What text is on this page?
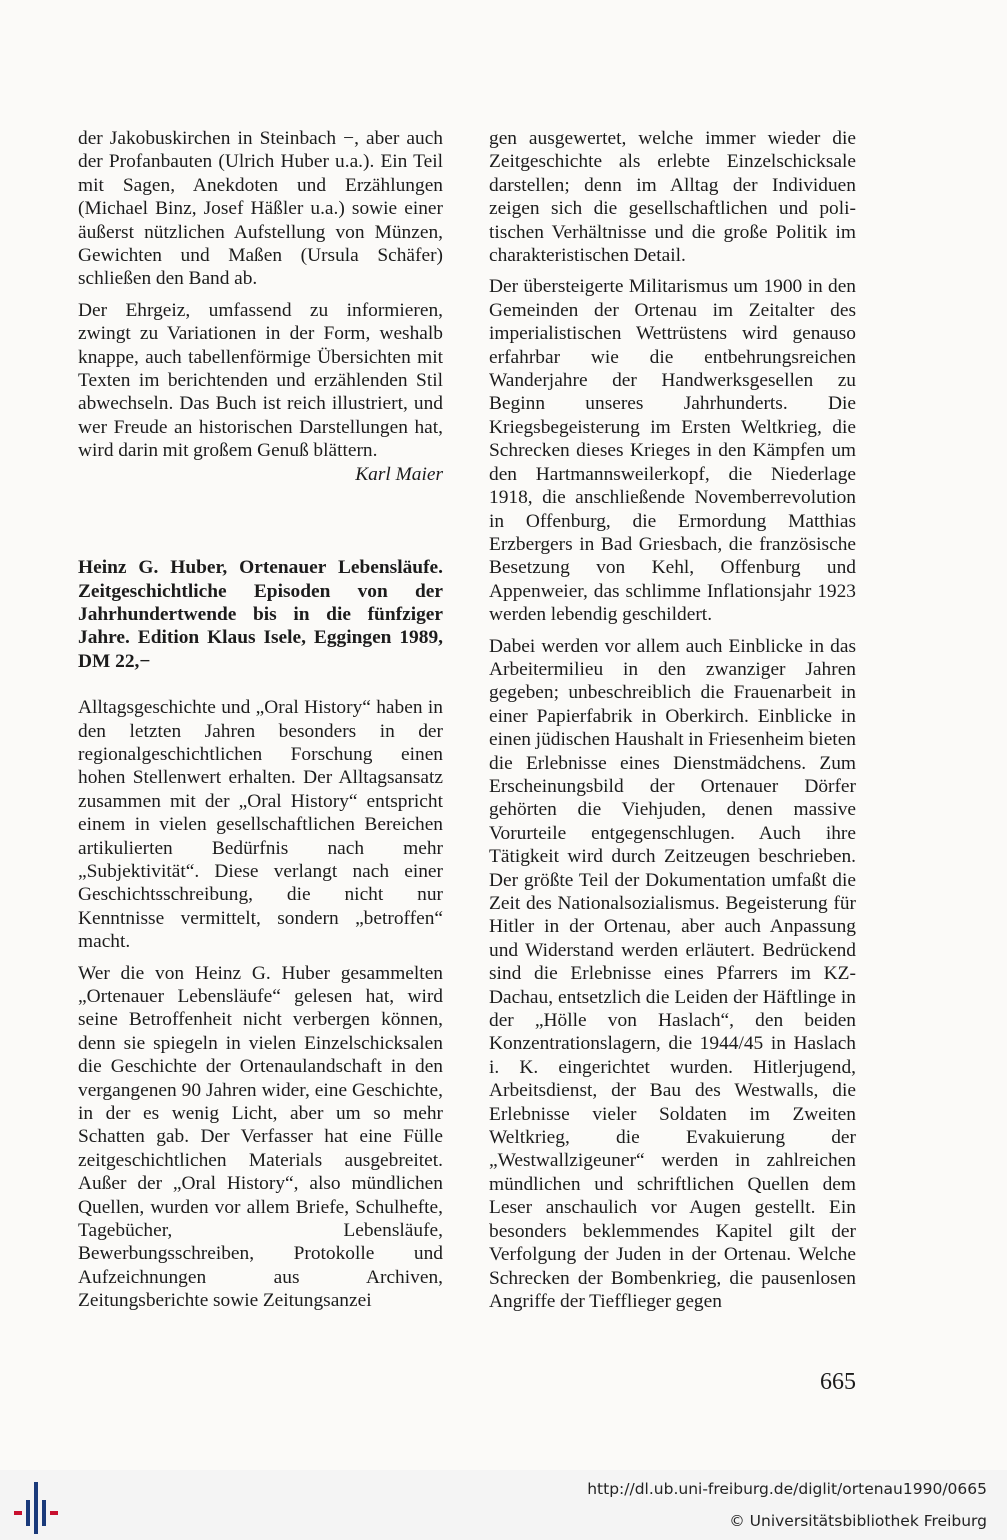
der Jakobuskirchen in Steinbach −, aber auch der Profanbauten (Ulrich Huber u.a.). Ein Teil mit Sagen, Anekdoten und Erzählungen (Michael Binz, Josef Häßler u.a.) sowie einer äußerst nützlichen Aufstellung von Münzen, Gewichten und Maßen (Ursula Schäfer) schließen den Band ab.

Der Ehrgeiz, umfassend zu informieren, zwingt zu Variationen in der Form, weshalb knappe, auch tabellenförmige Übersichten mit Texten im berichtenden und erzählenden Stil abwechseln. Das Buch ist reich illustriert, und wer Freude an historischen Darstellungen hat, wird darin mit großem Genuß blättern.

Karl Maier

Heinz G. Huber, Ortenauer Lebensläufe. Zeitgeschichtliche Episoden von der Jahrhundertwende bis in die fünfziger Jahre. Edition Klaus Isele, Eggingen 1989, DM 22,−

Alltagsgeschichte und „Oral History“ haben in den letzten Jahren besonders in der regionalgeschichtlichen Forschung einen hohen Stellenwert erhalten. Der Alltagsansatz zusammen mit der „Oral History“ entspricht einem in vielen gesellschaftlichen Bereichen artikulierten Bedürfnis nach mehr „Subjektivität“. Diese verlangt nach einer Geschichtsschreibung, die nicht nur Kenntnisse vermittelt, sondern „betroffen“ macht.

Wer die von Heinz G. Huber gesammelten „Ortenauer Lebensläufe“ gelesen hat, wird seine Betroffenheit nicht verbergen können, denn sie spiegeln in vielen Einzelschicksalen die Geschichte der Ortenaulandschaft in den vergangenen 90 Jahren wider, eine Geschichte, in der es wenig Licht, aber um so mehr Schatten gab. Der Verfasser hat eine Fülle zeitgeschichtlichen Materials ausgebreitet. Außer der „Oral History“, also mündlichen Quellen, wurden vor allem Briefe, Schulhefte, Tagebücher, Lebensläufe, Bewerbungsschreiben, Protokolle und Aufzeichnungen aus Archiven, Zeitungsberichte sowie Zeitungsanzei

gen ausgewertet, welche immer wieder die Zeitgeschichte als erlebte Einzelschicksale darstellen; denn im Alltag der Individuen zeigen sich die gesellschaftlichen und politischen Verhältnisse und die große Politik im charakteristischen Detail.

Der übersteigerte Militarismus um 1900 in den Gemeinden der Ortenau im Zeitalter des imperialistischen Wettrüstens wird genauso erfahrbar wie die entbehrungsreichen Wanderjahre der Handwerksgesellen zu Beginn unseres Jahrhunderts. Die Kriegsbegeisterung im Ersten Weltkrieg, die Schrecken dieses Krieges in den Kämpfen um den Hartmannsweilerkopf, die Niederlage 1918, die anschließende Novemberrevolution in Offenburg, die Ermordung Matthias Erzbergers in Bad Griesbach, die französische Besetzung von Kehl, Offenburg und Appenweier, das schlimme Inflationsjahr 1923 werden lebendig geschildert.

Dabei werden vor allem auch Einblicke in das Arbeitermilieu in den zwanziger Jahren gegeben; unbeschreiblich die Frauenarbeit in einer Papierfabrik in Oberkirch. Einblicke in einen jüdischen Haushalt in Friesenheim bieten die Erlebnisse eines Dienstmädchens. Zum Erscheinungsbild der Ortenauer Dörfer gehörten die Viehjuden, denen massive Vorurteile entgegenschlugen. Auch ihre Tätigkeit wird durch Zeitzeugen beschrieben. Der größte Teil der Dokumentation umfaßt die Zeit des Nationalsozialismus. Begeisterung für Hitler in der Ortenau, aber auch Anpassung und Widerstand werden erläutert. Bedrückend sind die Erlebnisse eines Pfarrers im KZ-Dachau, entsetzlich die Leiden der Häftlinge in der „Hölle von Haslach“, den beiden Konzentrationslagern, die 1944/45 in Haslach i. K. eingerichtet wurden. Hitlerjugend, Arbeitsdienst, der Bau des Westwalls, die Erlebnisse vieler Soldaten im Zweiten Weltkrieg, die Evakuierung der „Westwallzigeuner“ werden in zahlreichen mündlichen und schriftlichen Quellen dem Leser anschaulich vor Augen gestellt. Ein besonders beklemmendes Kapitel gilt der Verfolgung der Juden in der Ortenau. Welche Schrecken der Bombenkrieg, die pausenlosen Angriffe der Tiefflieger gegen

665
http://dl.ub.uni-freiburg.de/diglit/ortenau1990/0665
© Universitätsbibliothek Freiburg
